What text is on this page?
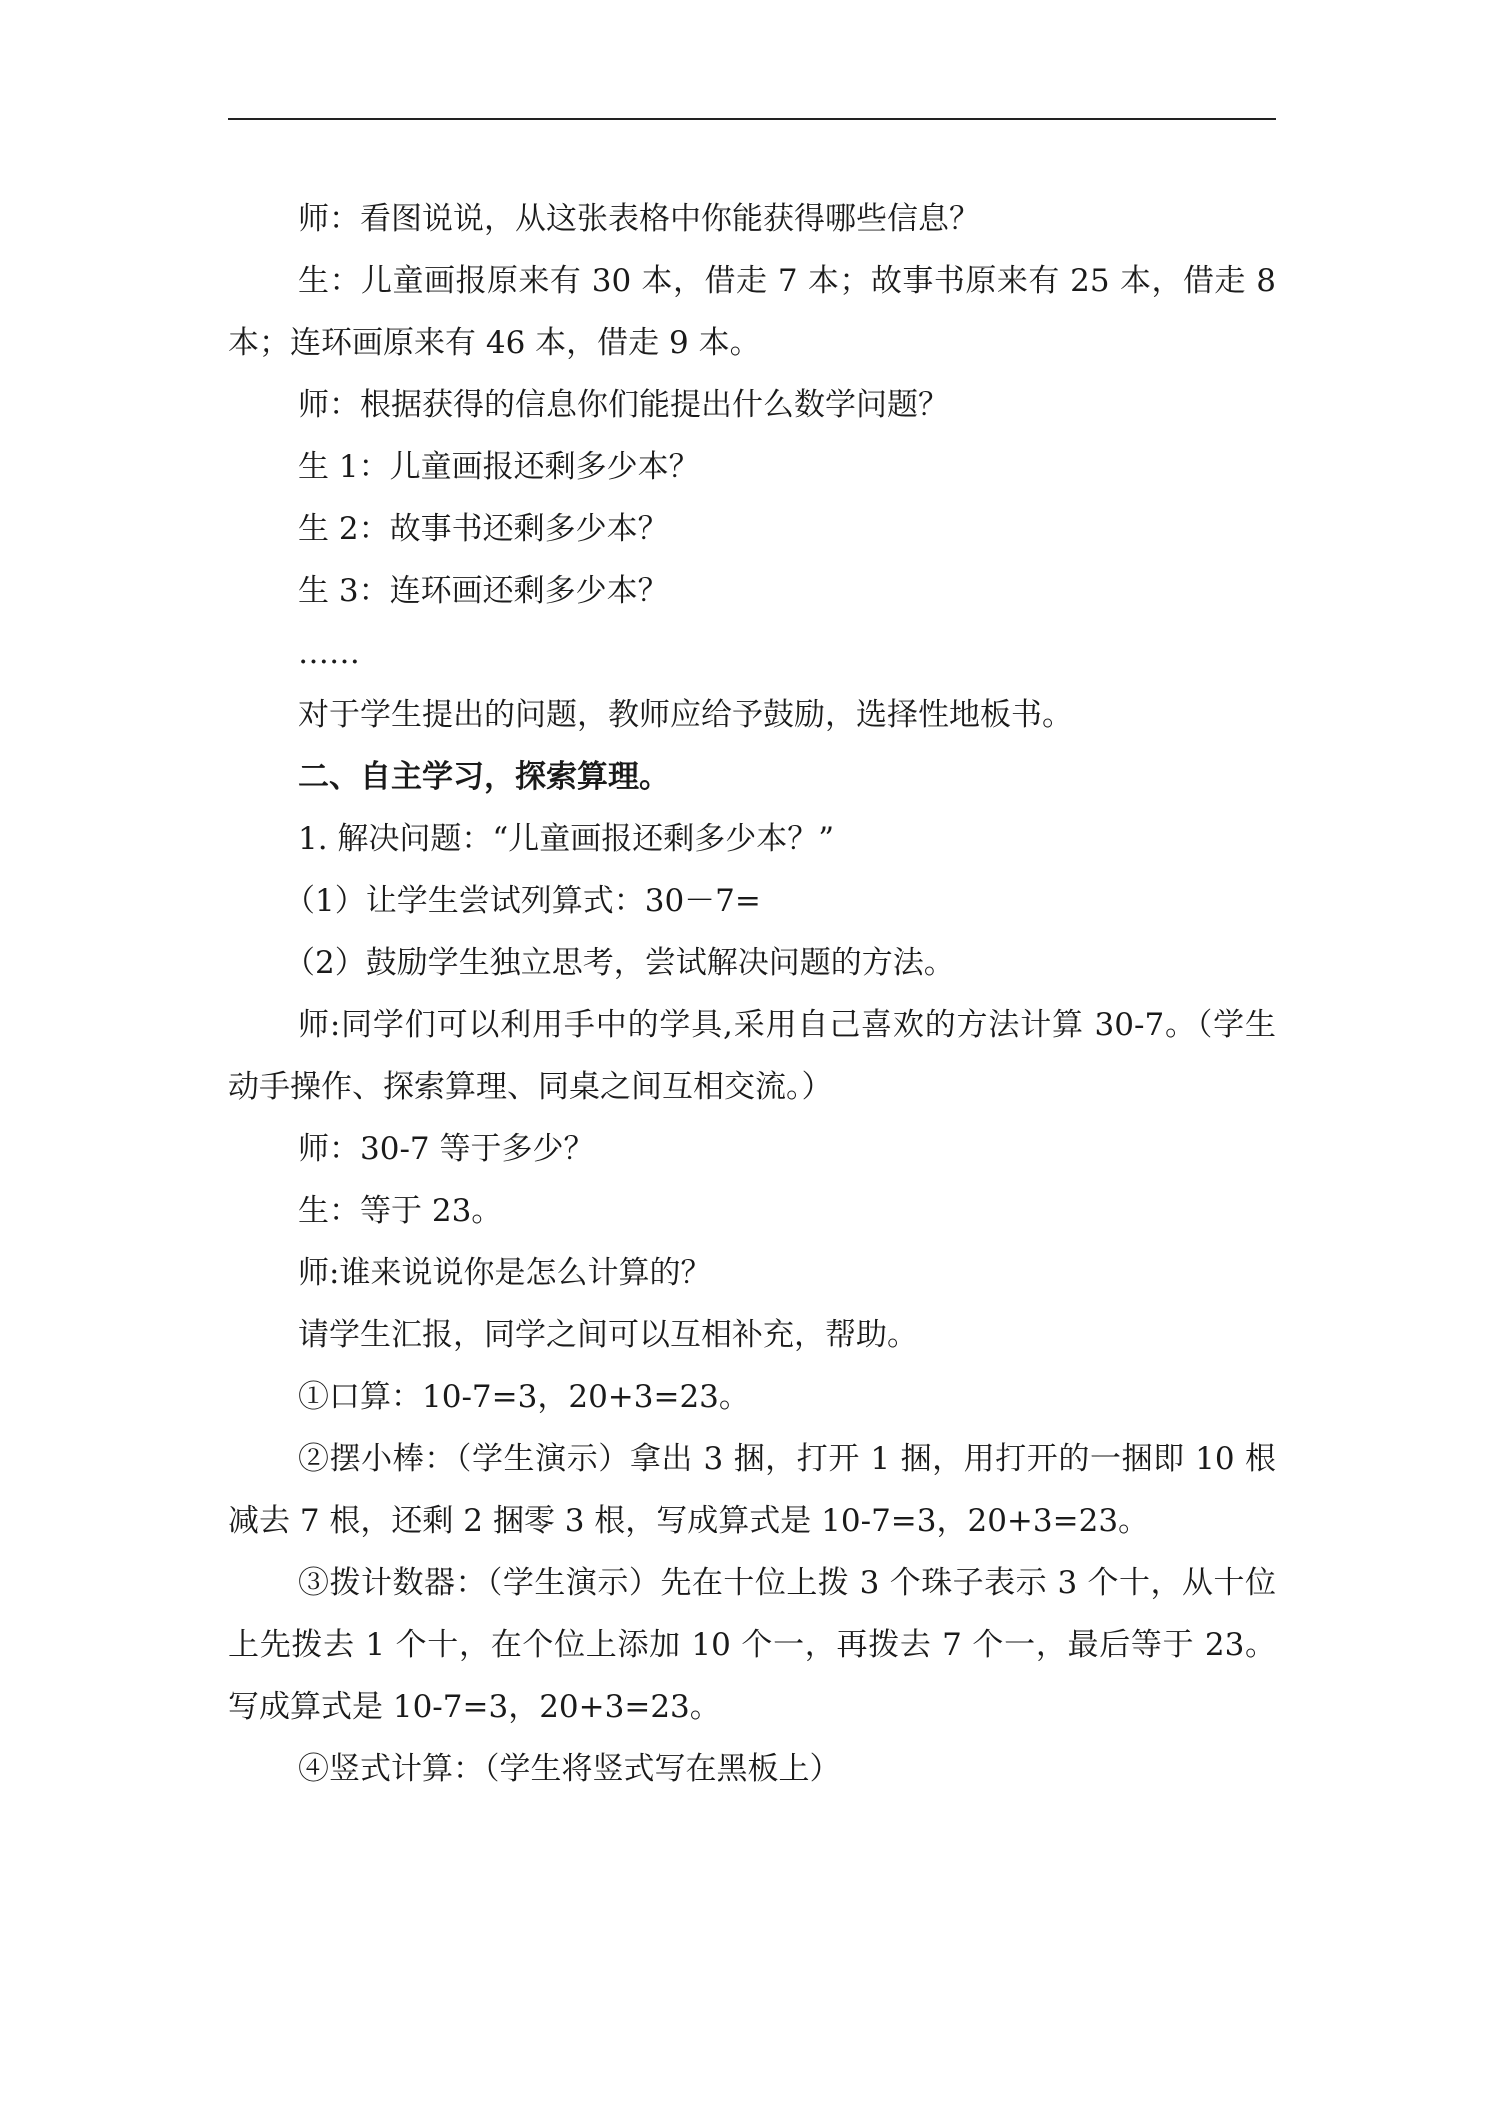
师：看图说说，从这张表格中你能获得哪些信息？

生：儿童画报原来有 30 本，借走 7 本；故事书原来有 25 本，借走 8 本；连环画原来有 46 本，借走 9 本。

师：根据获得的信息你们能提出什么数学问题？

生 1：儿童画报还剩多少本？

生 2：故事书还剩多少本？

生 3：连环画还剩多少本？

……

对于学生提出的问题，教师应给予鼓励，选择性地板书。

二、自主学习，探索算理。

1. 解决问题：“儿童画报还剩多少本？”

（1）让学生尝试列算式：30－7=

（2）鼓励学生独立思考，尝试解决问题的方法。

师:同学们可以利用手中的学具,采用自己喜欢的方法计算 30-7。（学生动手操作、探索算理、同桌之间互相交流。）

师：30-7 等于多少？

生：等于 23。

师:谁来说说你是怎么计算的？

请学生汇报，同学之间可以互相补充，帮助。

①口算：10-7=3，20+3=23。

②摆小棒：（学生演示）拿出 3 捆，打开 1 捆，用打开的一捆即 10 根减去 7 根，还剩 2 捆零 3 根，写成算式是 10-7=3，20+3=23。

③拨计数器：（学生演示）先在十位上拨 3 个珠子表示 3 个十，从十位上先拨去 1 个十，在个位上添加 10 个一，再拨去 7 个一，最后等于 23。写成算式是 10-7=3，20+3=23。

④竖式计算：（学生将竖式写在黑板上）
